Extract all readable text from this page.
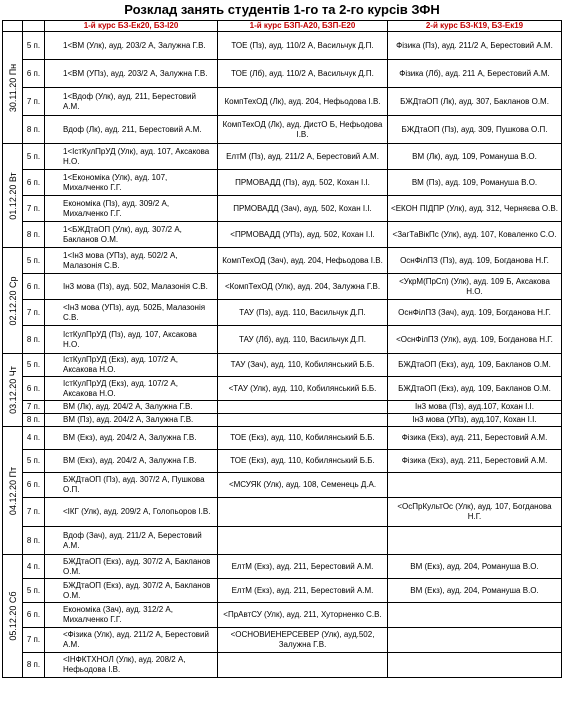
Розклад занять студентів 1-го та 2-го курсів ЗФН
		1-й курс БЗ-Ек20, БЗ-І20	1-й курс БЗП-А20, БЗП-Е20	2-й курс БЗ-К19, БЗ-Ек19

30.11.20 Пн	5 п.	1<ВМ (Улк), ауд. 203/2 А, Залужна Г.В.	ТОЕ (Пз), ауд. 110/2 А, Васильчук Д.П.	Фізика (Пз), ауд. 211/2 А, Берестовий А.М.
	6 п.	1<ВМ (УПз), ауд. 203/2 А, Залужна Г.В.	ТОЕ (Лб), ауд. 110/2 А, Васильчук Д.П.	Фізика (Лб), ауд. 211 А, Берестовий А.М.
	7 п.	1<Вдоф (Улк), ауд. 211, Берестовий А.М.	КомпТехОД (Лк), ауд. 204, Нефьодова І.В.	БЖДтаОП (Лк), ауд. 307, Бакланов О.М.
	8 п.	Вдоф (Лк), ауд. 211, Берестовий А.М.	КомпТехОД (Лк), ауд. ДистО Б, Нефьодова І.В.	БЖДтаОП (Пз), ауд. 309, Пушкова О.П.

01.12.20 Вт	5 п.	1<ІстКулПрУД (Улк), ауд. 107, Аксакова Н.О.	ЕлтМ (Пз), ауд. 211/2 А, Берестовий А.М.	ВМ (Лк), ауд. 109, Романуша В.О.
	6 п.	1<Економіка (Улк), ауд. 107, Михалченко Г.Г.	ПРМОВАДД (Пз), ауд. 502, Кохан І.І.	ВМ (Пз), ауд. 109, Романуша В.О.
	7 п.	Економіка (Пз), ауд. 309/2 А, Михалченко Г.Г.	ПРМОВАДД (Зач), ауд. 502, Кохан І.І.	<ЕКОН ПІДПР (Улк), ауд. 312, Черняєва О.В.
	8 п.	1<БЖДтаОП (Улк), ауд. 307/2 А, Бакланов О.М.	<ПРМОВАДД (УПз), ауд. 502, Кохан І.І.	<ЗагТаВікПс (Улк), ауд. 107, Коваленко С.О.

02.12.20 Ср	5 п.	1<Ін3 мова (УПз), ауд. 502/2 А, Малазонія С.В.	КомпТехОД (Зач), ауд. 204, Нефьодова І.В.	ОснФілПЗ (Пз), ауд. 109, Богданова Н.Г.
	6 п.	Ін3 мова (Пз), ауд. 502, Малазонія С.В.	<КомпТехОД (Улк), ауд. 204, Залужна Г.В.	<УкрМ(ПрСп) (Улк), ауд. 109 Б, Аксакова Н.О.
	7 п.	<Ін3 мова (УПз), ауд. 502Б, Малазонія С.В.	ТАУ (Пз), ауд. 110, Васильчук Д.П.	ОснФілПЗ (Зач), ауд. 109, Богданова Н.Г.
	8 п.	ІстКулПрУД (Пз), ауд. 107, Аксакова Н.О.	ТАУ (Лб), ауд. 110, Васильчук Д.П.	<ОснФілПЗ (Улк), ауд. 109, Богданова Н.Г.

03.12.20 Чт	5 п.	ІстКулПрУД (Екз), ауд. 107/2 А, Аксакова Н.О.	ТАУ (Зач), ауд. 110, Кобилянський Б.Б.	БЖДтаОП (Екз), ауд. 109, Бакланов О.М.
	6 п.	ІстКулПрУД (Екз), ауд. 107/2 А, Аксакова Н.О.	<ТАУ (Улк), ауд. 110, Кобилянський Б.Б.	БЖДтаОП (Екз), ауд. 109, Бакланов О.М.
	7 п.	ВМ (Лк), ауд. 204/2 А, Залужна Г.В.		Ін3 мова (Пз), ауд.107, Кохан І.І.
	8 п.	ВМ (Пз), ауд. 204/2 А, Залужна Г.В.		Ін3 мова (УПз), ауд.107, Кохан І.І.

04.12.20 Пт	4 п.	ВМ (Екз), ауд. 204/2 А, Залужна Г.В.	ТОЕ (Екз), ауд. 110, Кобилянський Б.Б.	Фізика (Екз), ауд. 211, Берестовий А.М.
	5 п.	ВМ (Екз), ауд. 204/2 А, Залужна Г.В.	ТОЕ (Екз), ауд. 110, Кобилянський Б.Б.	Фізика (Екз), ауд. 211, Берестовий А.М.
	6 п.	БЖДтаОП (Пз), ауд. 307/2 А, Пушкова О.П.	<МСУЯК (Улк), ауд. 108, Семенець Д.А.	
	7 п.	<ІКГ (Улк), ауд. 209/2 А, Голопьоров І.В.		<ОсПрКультОс (Улк), ауд. 107, Богданова Н.Г.
	8 п.	Вдоф (Зач), ауд. 211/2 А, Берестовий А.М.		

05.12.20 Сб	4 п.	БЖДтаОП (Екз), ауд. 307/2 А, Бакланов О.М.	ЕлтМ (Екз), ауд. 211, Берестовий А.М.	ВМ (Екз), ауд. 204, Романуша В.О.
	5 п.	БЖДтаОП (Екз), ауд. 307/2 А, Бакланов О.М.	ЕлтМ (Екз), ауд. 211, Берестовий А.М.	ВМ (Екз), ауд. 204, Романуша В.О.
	6 п.	Економіка (Зач), ауд. 312/2 А, Михалченко Г.Г.	<ПрАвтСУ (Улк), ауд. 211, Хуторненко С.В.	
	7 п.	<Фізика (Улк), ауд. 211/2 А, Берестовий А.М.	<ОСНОВИЕНЕРСЕВЕР (Улк), ауд.502, Залужна Г.В.	
	8 п.	<ІНФКТХНОЛ (Улк), ауд. 208/2 А, Нефьодова І.В.		
